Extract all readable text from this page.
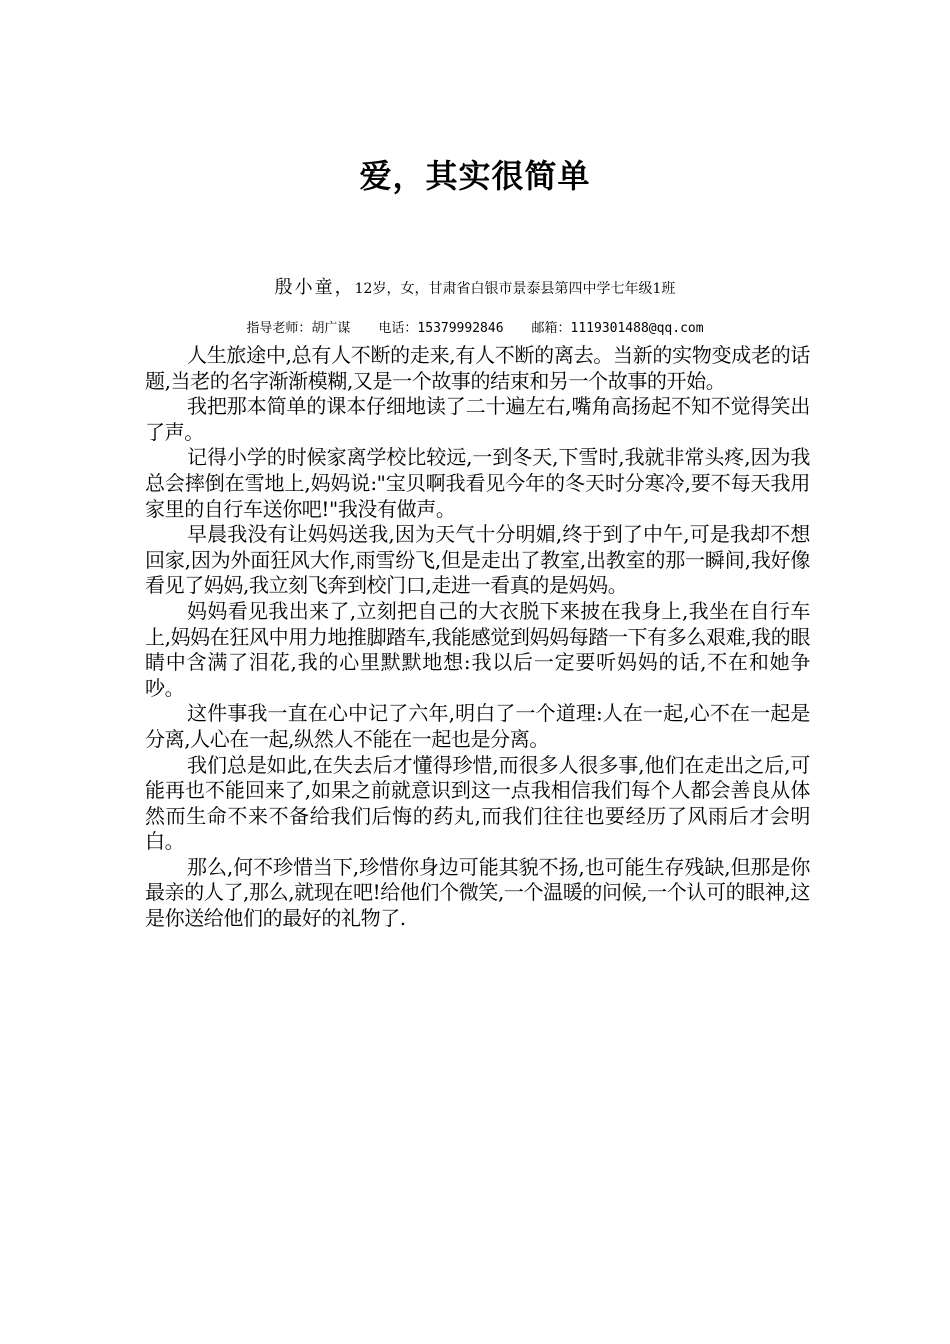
爱，其实很简单
殷小童，12岁，女，甘肃省白银市景泰县第四中学七年级1班
指导老师：胡广谋 电话：15379992846 邮箱：1119301488@qq.com

人生旅途中,总有人不断的走来,有人不断的离去。当新的实物变成老的话题,当老的名字渐渐模糊,又是一个故事的结束和另一个故事的开始。

我把那本简单的课本仔细地读了二十遍左右,嘴角高扬起不知不觉得笑出了声。

记得小学的时候家离学校比较远,一到冬天,下雪时,我就非常头疼,因为我总会摔倒在雪地上,妈妈说:"宝贝啊我看见今年的冬天时分寒冷,要不每天我用家里的自行车送你吧!"我没有做声。

早晨我没有让妈妈送我,因为天气十分明媚,终于到了中午,可是我却不想回家,因为外面狂风大作,雨雪纷飞,但是走出了教室,出教室的那一瞬间,我好像看见了妈妈,我立刻飞奔到校门口,走进一看真的是妈妈。

妈妈看见我出来了,立刻把自己的大衣脱下来披在我身上,我坐在自行车上,妈妈在狂风中用力地推脚踏车,我能感觉到妈妈每踏一下有多么艰难,我的眼睛中含满了泪花,我的心里默默地想:我以后一定要听妈妈的话,不在和她争吵。

这件事我一直在心中记了六年,明白了一个道理:人在一起,心不在一起是分离,人心在一起,纵然人不能在一起也是分离。

我们总是如此,在失去后才懂得珍惜,而很多人很多事,他们在走出之后,可能再也不能回来了,如果之前就意识到这一点我相信我们每个人都会善良从体然而生命不来不备给我们后悔的药丸,而我们往往也要经历了风雨后才会明白。

那么,何不珍惜当下,珍惜你身边可能其貌不扬,也可能生存残缺,但那是你最亲的人了,那么,就现在吧!给他们个微笑,一个温暖的问候,一个认可的眼神,这是你送给他们的最好的礼物了.
